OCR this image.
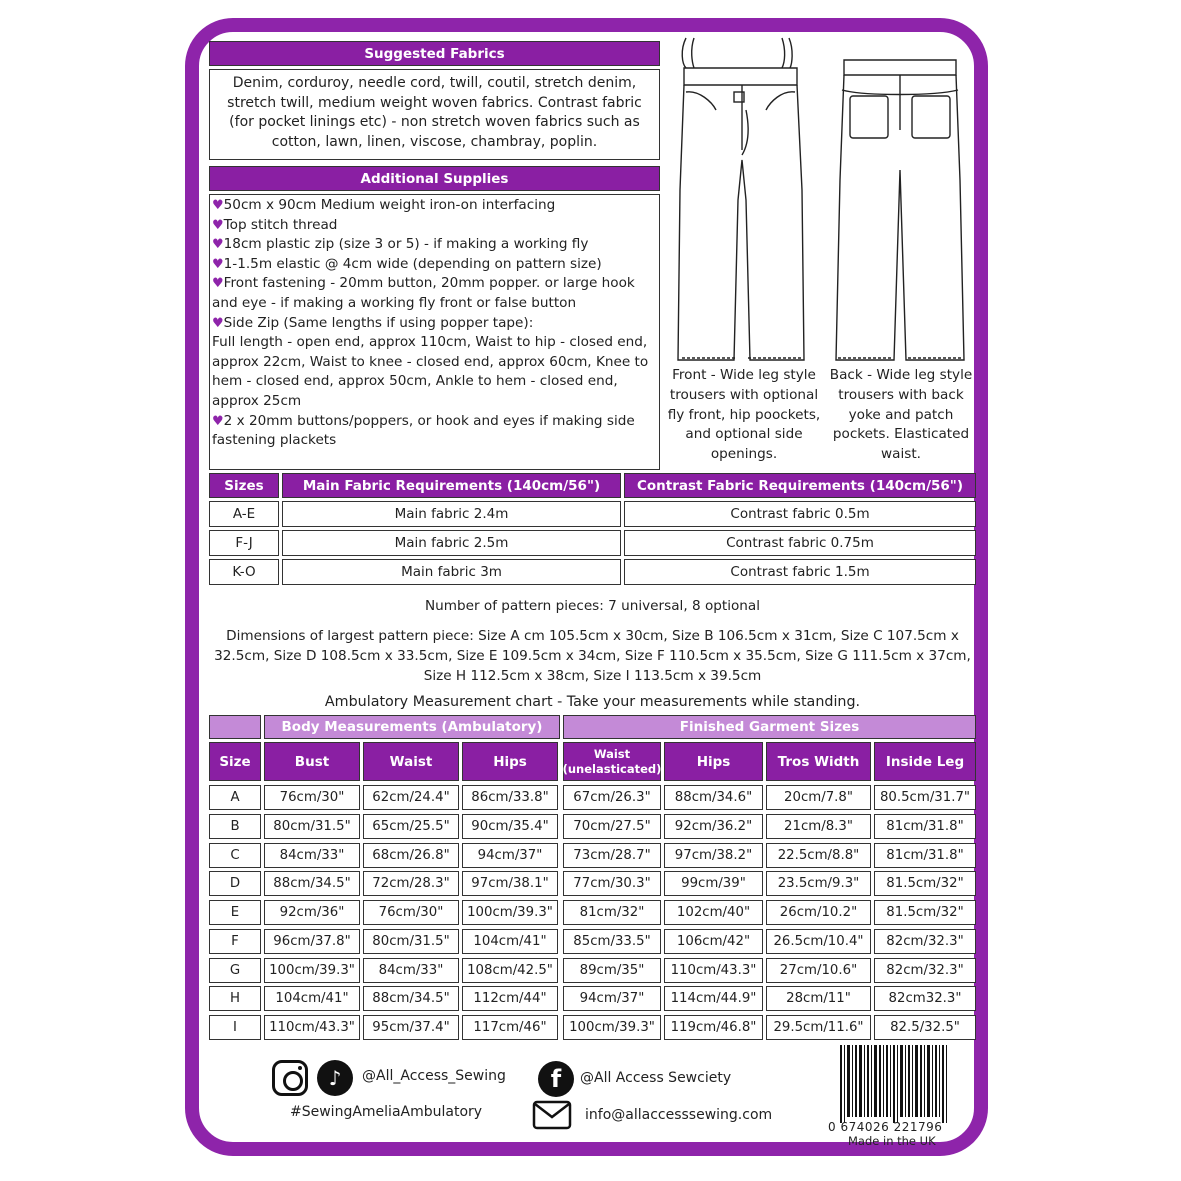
Suggested Fabrics
Denim, corduroy, needle cord, twill, coutil, stretch denim, stretch twill, medium weight woven fabrics. Contrast fabric (for pocket linings etc) - non stretch woven fabrics such as cotton, lawn, linen, viscose, chambray, poplin.
Additional Supplies
♥50cm x 90cm Medium weight iron-on interfacing
♥Top stitch thread
♥18cm plastic zip (size 3 or 5) - if making a working fly
♥1-1.5m elastic @ 4cm wide (depending on pattern size)
♥Front fastening - 20mm button, 20mm popper. or large hook and eye - if making a working fly front or false button
♥Side Zip (Same lengths if using popper tape):
Full length - open end, approx 110cm, Waist to hip - closed end, approx 22cm, Waist to knee - closed end, approx 60cm, Knee to hem - closed end, approx 50cm, Ankle to hem - closed end, approx 25cm
♥2 x 20mm buttons/poppers, or hook and eyes if making side fastening plackets
Front - Wide leg style trousers with optional fly front, hip poockets, and optional side openings.
Back - Wide leg style trousers with back yoke and patch pockets. Elasticated waist.
Sizes	Main Fabric Requirements (140cm/56")	Contrast Fabric Requirements (140cm/56")
A-E	Main fabric 2.4m	Contrast fabric 0.5m
F-J	Main fabric 2.5m	Contrast fabric 0.75m
K-O	Main fabric 3m	Contrast fabric 1.5m
Number of pattern pieces: 7 universal, 8 optional
Dimensions of largest pattern piece: Size A cm 105.5cm x 30cm, Size B 106.5cm x 31cm, Size C 107.5cm x 32.5cm, Size D 108.5cm x 33.5cm, Size E 109.5cm x 34cm, Size F 110.5cm x 35.5cm, Size G 111.5cm x 37cm, Size H 112.5cm x 38cm, Size I 113.5cm x 39.5cm
Ambulatory Measurement chart - Take your measurements while standing.
Body Measurements (Ambulatory)	Finished Garment Sizes
Size	Bust	Waist	Hips	Waist
(unelasticated)	Hips	Tros Width	Inside Leg
A	76cm/30"	62cm/24.4"	86cm/33.8"	67cm/26.3"	88cm/34.6"	20cm/7.8"	80.5cm/31.7"
B	80cm/31.5"	65cm/25.5"	90cm/35.4"	70cm/27.5"	92cm/36.2"	21cm/8.3"	81cm/31.8"
C	84cm/33"	68cm/26.8"	94cm/37"	73cm/28.7"	97cm/38.2"	22.5cm/8.8"	81cm/31.8"
D	88cm/34.5"	72cm/28.3"	97cm/38.1"	77cm/30.3"	99cm/39"	23.5cm/9.3"	81.5cm/32"
E	92cm/36"	76cm/30"	100cm/39.3"	81cm/32"	102cm/40"	26cm/10.2"	81.5cm/32"
F	96cm/37.8"	80cm/31.5"	104cm/41"	85cm/33.5"	106cm/42"	26.5cm/10.4"	82cm/32.3"
G	100cm/39.3"	84cm/33"	108cm/42.5"	89cm/35"	110cm/43.3"	27cm/10.6"	82cm/32.3"
H	104cm/41"	88cm/34.5"	112cm/44"	94cm/37"	114cm/44.9"	28cm/11"	82cm32.3"
I	110cm/43.3"	95cm/37.4"	117cm/46"	100cm/39.3"	119cm/46.8"	29.5cm/11.6"	82.5/32.5"
♪	@All_Access_Sewing
#SewingAmeliaAmbulatory
f	@All Access Sewciety
info@allaccesssewing.com
0 674026 221796
Made in the UK
